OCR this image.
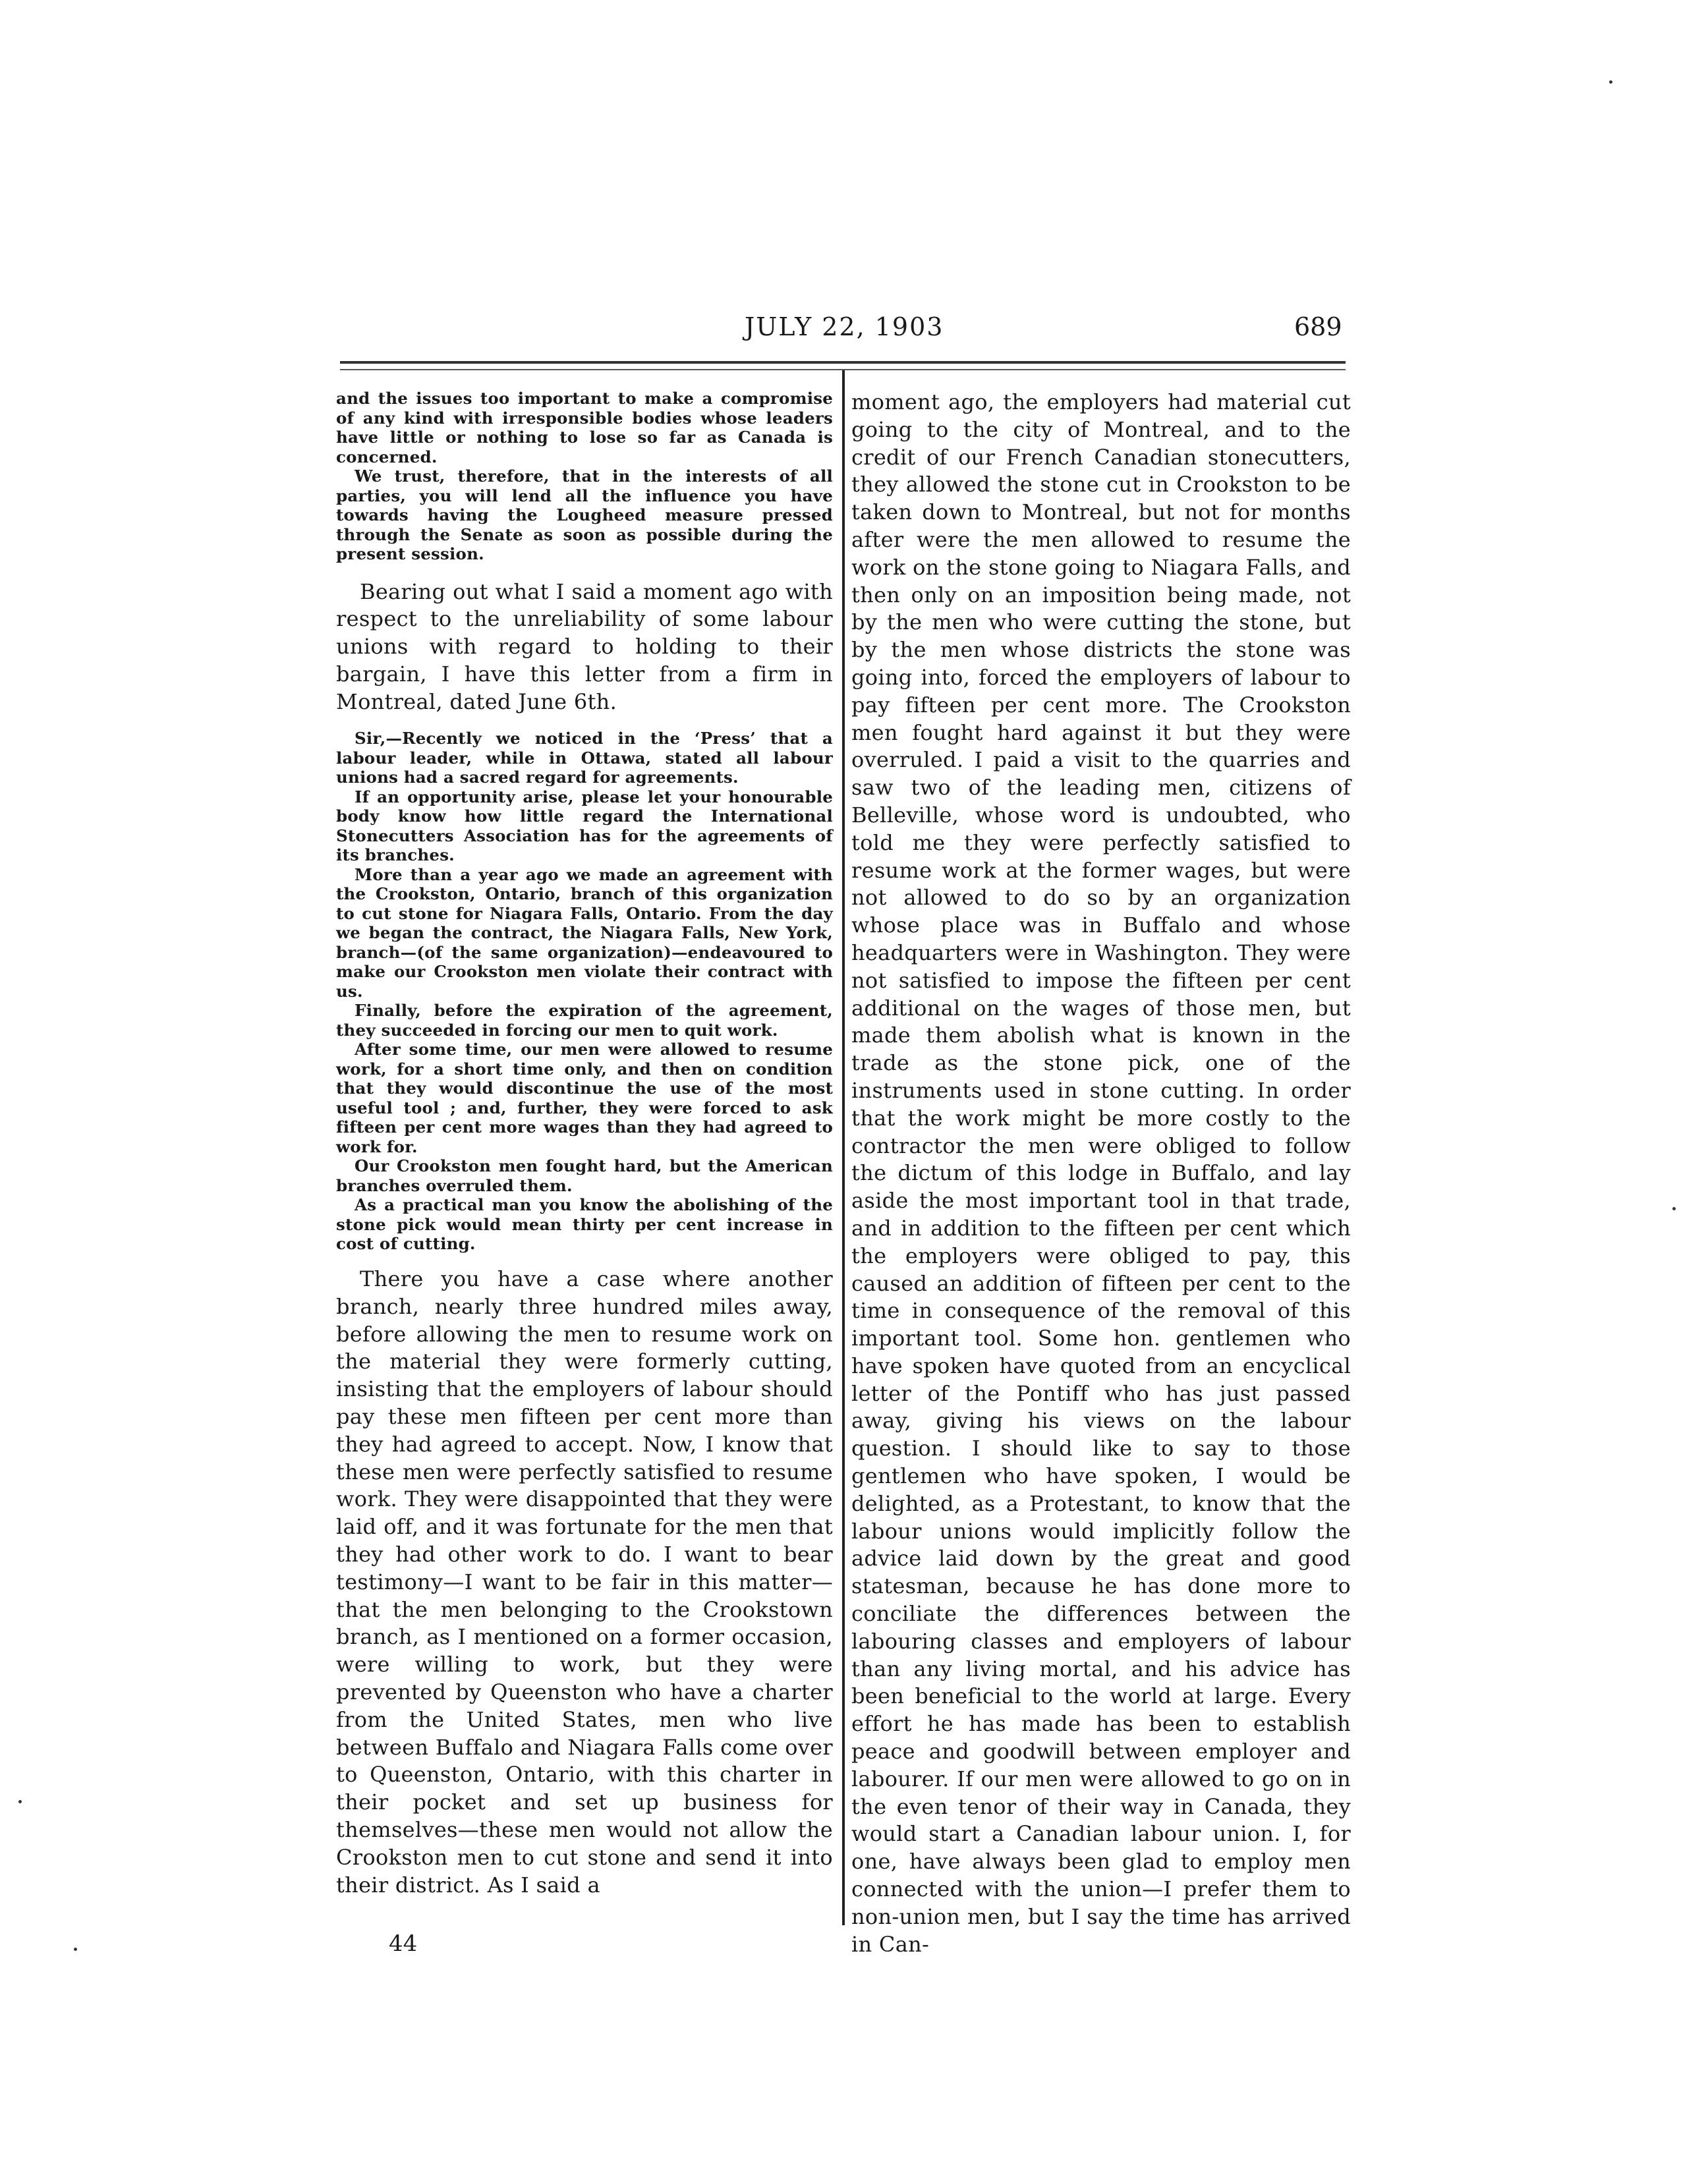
JULY 22, 1903	689

and the issues too important to make a compromise of any kind with irresponsible bodies whose leaders have little or nothing to lose so far as Canada is concerned.

We trust, therefore, that in the interests of all parties, you will lend all the influence you have towards having the Lougheed measure pressed through the Senate as soon as possible during the present session.

Bearing out what I said a moment ago with respect to the unreliability of some labour unions with regard to holding to their bargain, I have this letter from a firm in Montreal, dated June 6th.

Sir,—Recently we noticed in the ‘Press’ that a labour leader, while in Ottawa, stated all labour unions had a sacred regard for agreements.

If an opportunity arise, please let your honourable body know how little regard the International Stonecutters Association has for the agreements of its branches.

More than a year ago we made an agreement with the Crookston, Ontario, branch of this organization to cut stone for Niagara Falls, Ontario. From the day we began the contract, the Niagara Falls, New York, branch—(of the same organization)—endeavoured to make our Crookston men violate their contract with us.

Finally, before the expiration of the agreement, they succeeded in forcing our men to quit work.

After some time, our men were allowed to resume work, for a short time only, and then on condition that they would discontinue the use of the most useful tool ; and, further, they were forced to ask fifteen per cent more wages than they had agreed to work for.

Our Crookston men fought hard, but the American branches overruled them.

As a practical man you know the abolishing of the stone pick would mean thirty per cent increase in cost of cutting.

There you have a case where another branch, nearly three hundred miles away, before allowing the men to resume work on the material they were formerly cutting, insisting that the employers of labour should pay these men fifteen per cent more than they had agreed to accept. Now, I know that these men were perfectly satisfied to resume work. They were disappointed that they were laid off, and it was fortunate for the men that they had other work to do. I want to bear testimony—I want to be fair in this matter—that the men belonging to the Crookstown branch, as I mentioned on a former occasion, were willing to work, but they were prevented by Queenston who have a charter from the United States, men who live between Buffalo and Niagara Falls come over to Queenston, Ontario, with this charter in their pocket and set up business for themselves—these men would not allow the Crookston men to cut stone and send it into their district. As I said a

moment ago, the employers had material cut going to the city of Montreal, and to the credit of our French Canadian stonecutters, they allowed the stone cut in Crookston to be taken down to Montreal, but not for months after were the men allowed to resume the work on the stone going to Niagara Falls, and then only on an imposition being made, not by the men who were cutting the stone, but by the men whose districts the stone was going into, forced the employers of labour to pay fifteen per cent more. The Crookston men fought hard against it but they were overruled. I paid a visit to the quarries and saw two of the leading men, citizens of Belleville, whose word is undoubted, who told me they were perfectly satisfied to resume work at the former wages, but were not allowed to do so by an organization whose place was in Buffalo and whose headquarters were in Washington. They were not satisfied to impose the fifteen per cent additional on the wages of those men, but made them abolish what is known in the trade as the stone pick, one of the instruments used in stone cutting. In order that the work might be more costly to the contractor the men were obliged to follow the dictum of this lodge in Buffalo, and lay aside the most important tool in that trade, and in addition to the fifteen per cent which the employers were obliged to pay, this caused an addition of fifteen per cent to the time in consequence of the removal of this important tool. Some hon. gentlemen who have spoken have quoted from an encyclical letter of the Pontiff who has just passed away, giving his views on the labour question. I should like to say to those gentlemen who have spoken, I would be delighted, as a Protestant, to know that the labour unions would implicitly follow the advice laid down by the great and good statesman, because he has done more to conciliate the differences between the labouring classes and employers of labour than any living mortal, and his advice has been beneficial to the world at large. Every effort he has made has been to establish peace and goodwill between employer and labourer. If our men were allowed to go on in the even tenor of their way in Canada, they would start a Canadian labour union. I, for one, have always been glad to employ men connected with the union—I prefer them to non-union men, but I say the time has arrived in Can-

44
